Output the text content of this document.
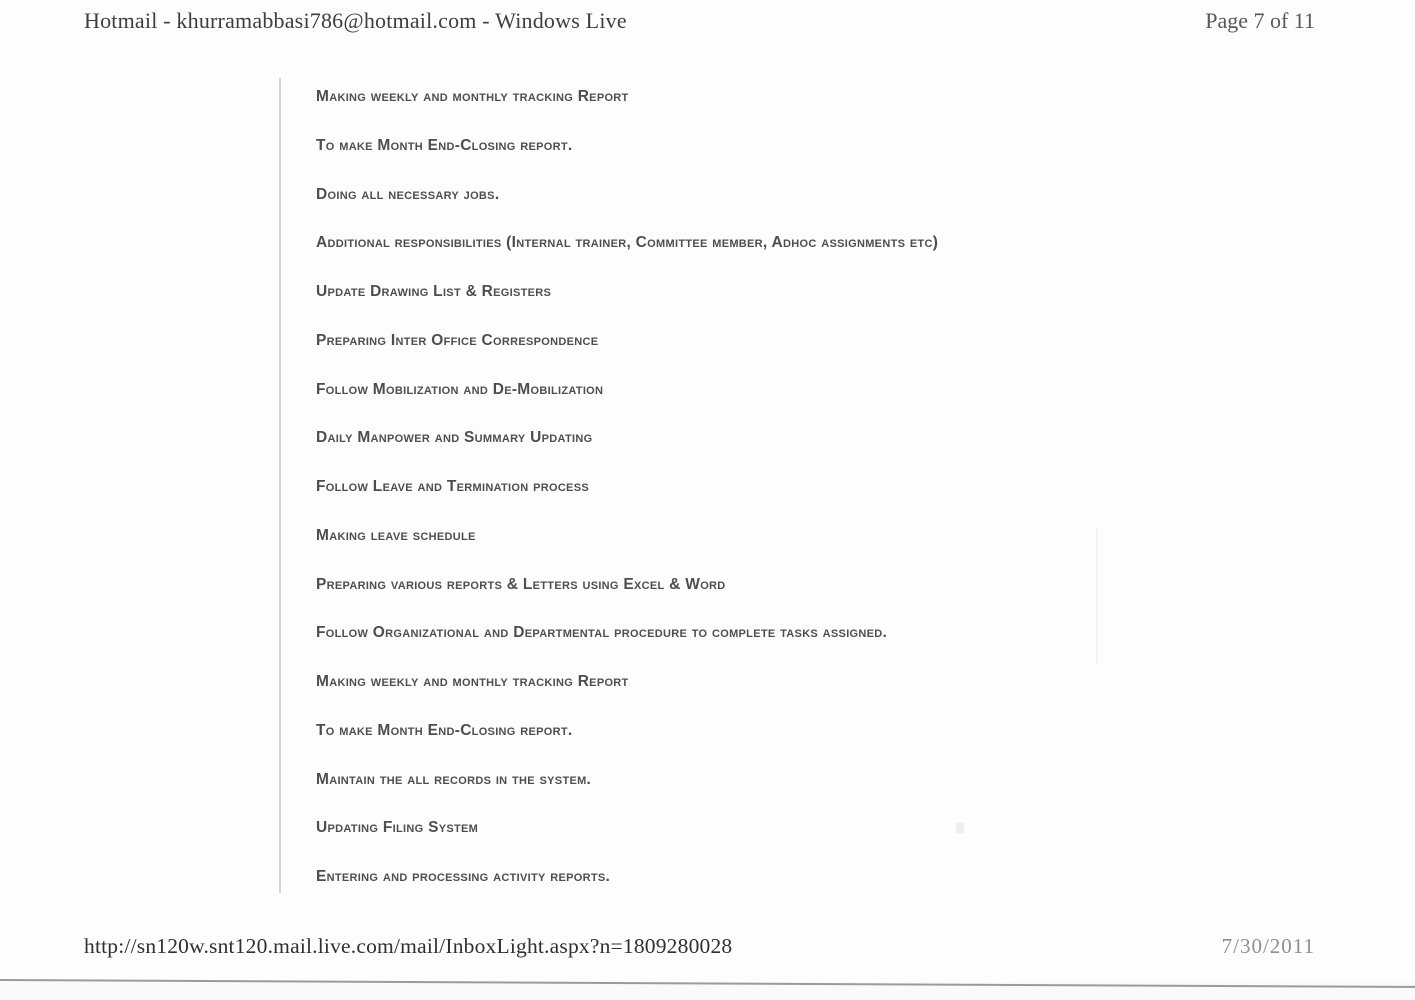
Hotmail - khurramabbasi786@hotmail.com - Windows Live	Page 7 of 11
Making weekly and monthly tracking Report
To make Month End-Closing report.
Doing all necessary jobs.
Additional responsibilities (Internal trainer, Committee member, Adhoc assignments etc)
Update Drawing List & Registers
Preparing Inter Office Correspondence
Follow Mobilization and De-Mobilization
Daily Manpower and Summary Updating
Follow Leave and Termination process
Making leave schedule
Preparing various reports & Letters using Excel & Word
Follow Organizational and Departmental procedure to complete tasks assigned.
Making weekly and monthly tracking Report
To make Month End-Closing report.
Maintain the all records in the system.
Updating Filing System
Entering and processing activity reports.
http://sn120w.snt120.mail.live.com/mail/InboxLight.aspx?n=1809280028	7/30/2011
